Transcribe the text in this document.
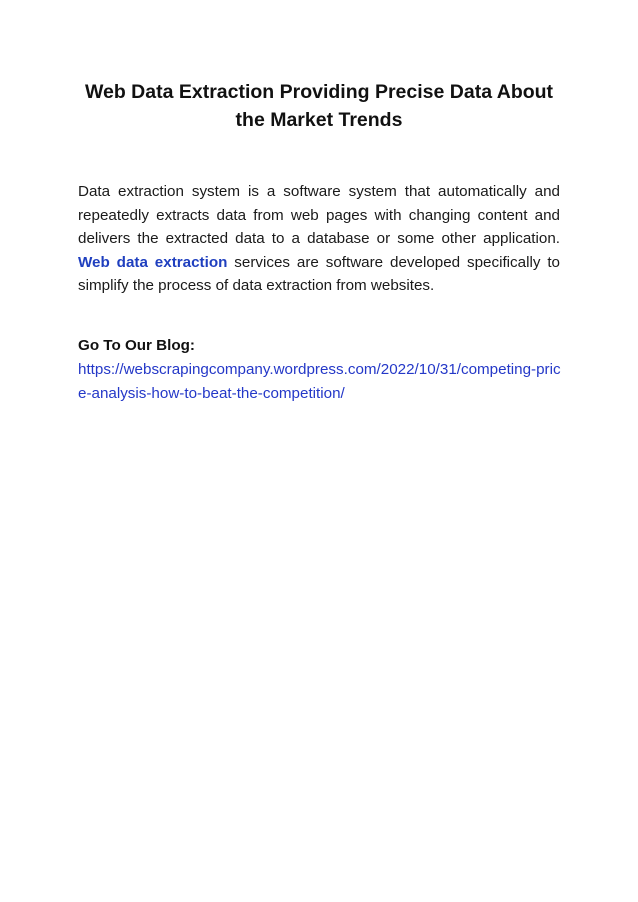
Web Data Extraction Providing Precise Data About the Market Trends

Data extraction system is a software system that automatically and repeatedly extracts data from web pages with changing content and delivers the extracted data to a database or some other application. Web data extraction services are software developed specifically to simplify the process of data extraction from websites.

Go To Our Blog:

https://webscrapingcompany.wordpress.com/2022/10/31/competing-price-analysis-how-to-beat-the-competition/
